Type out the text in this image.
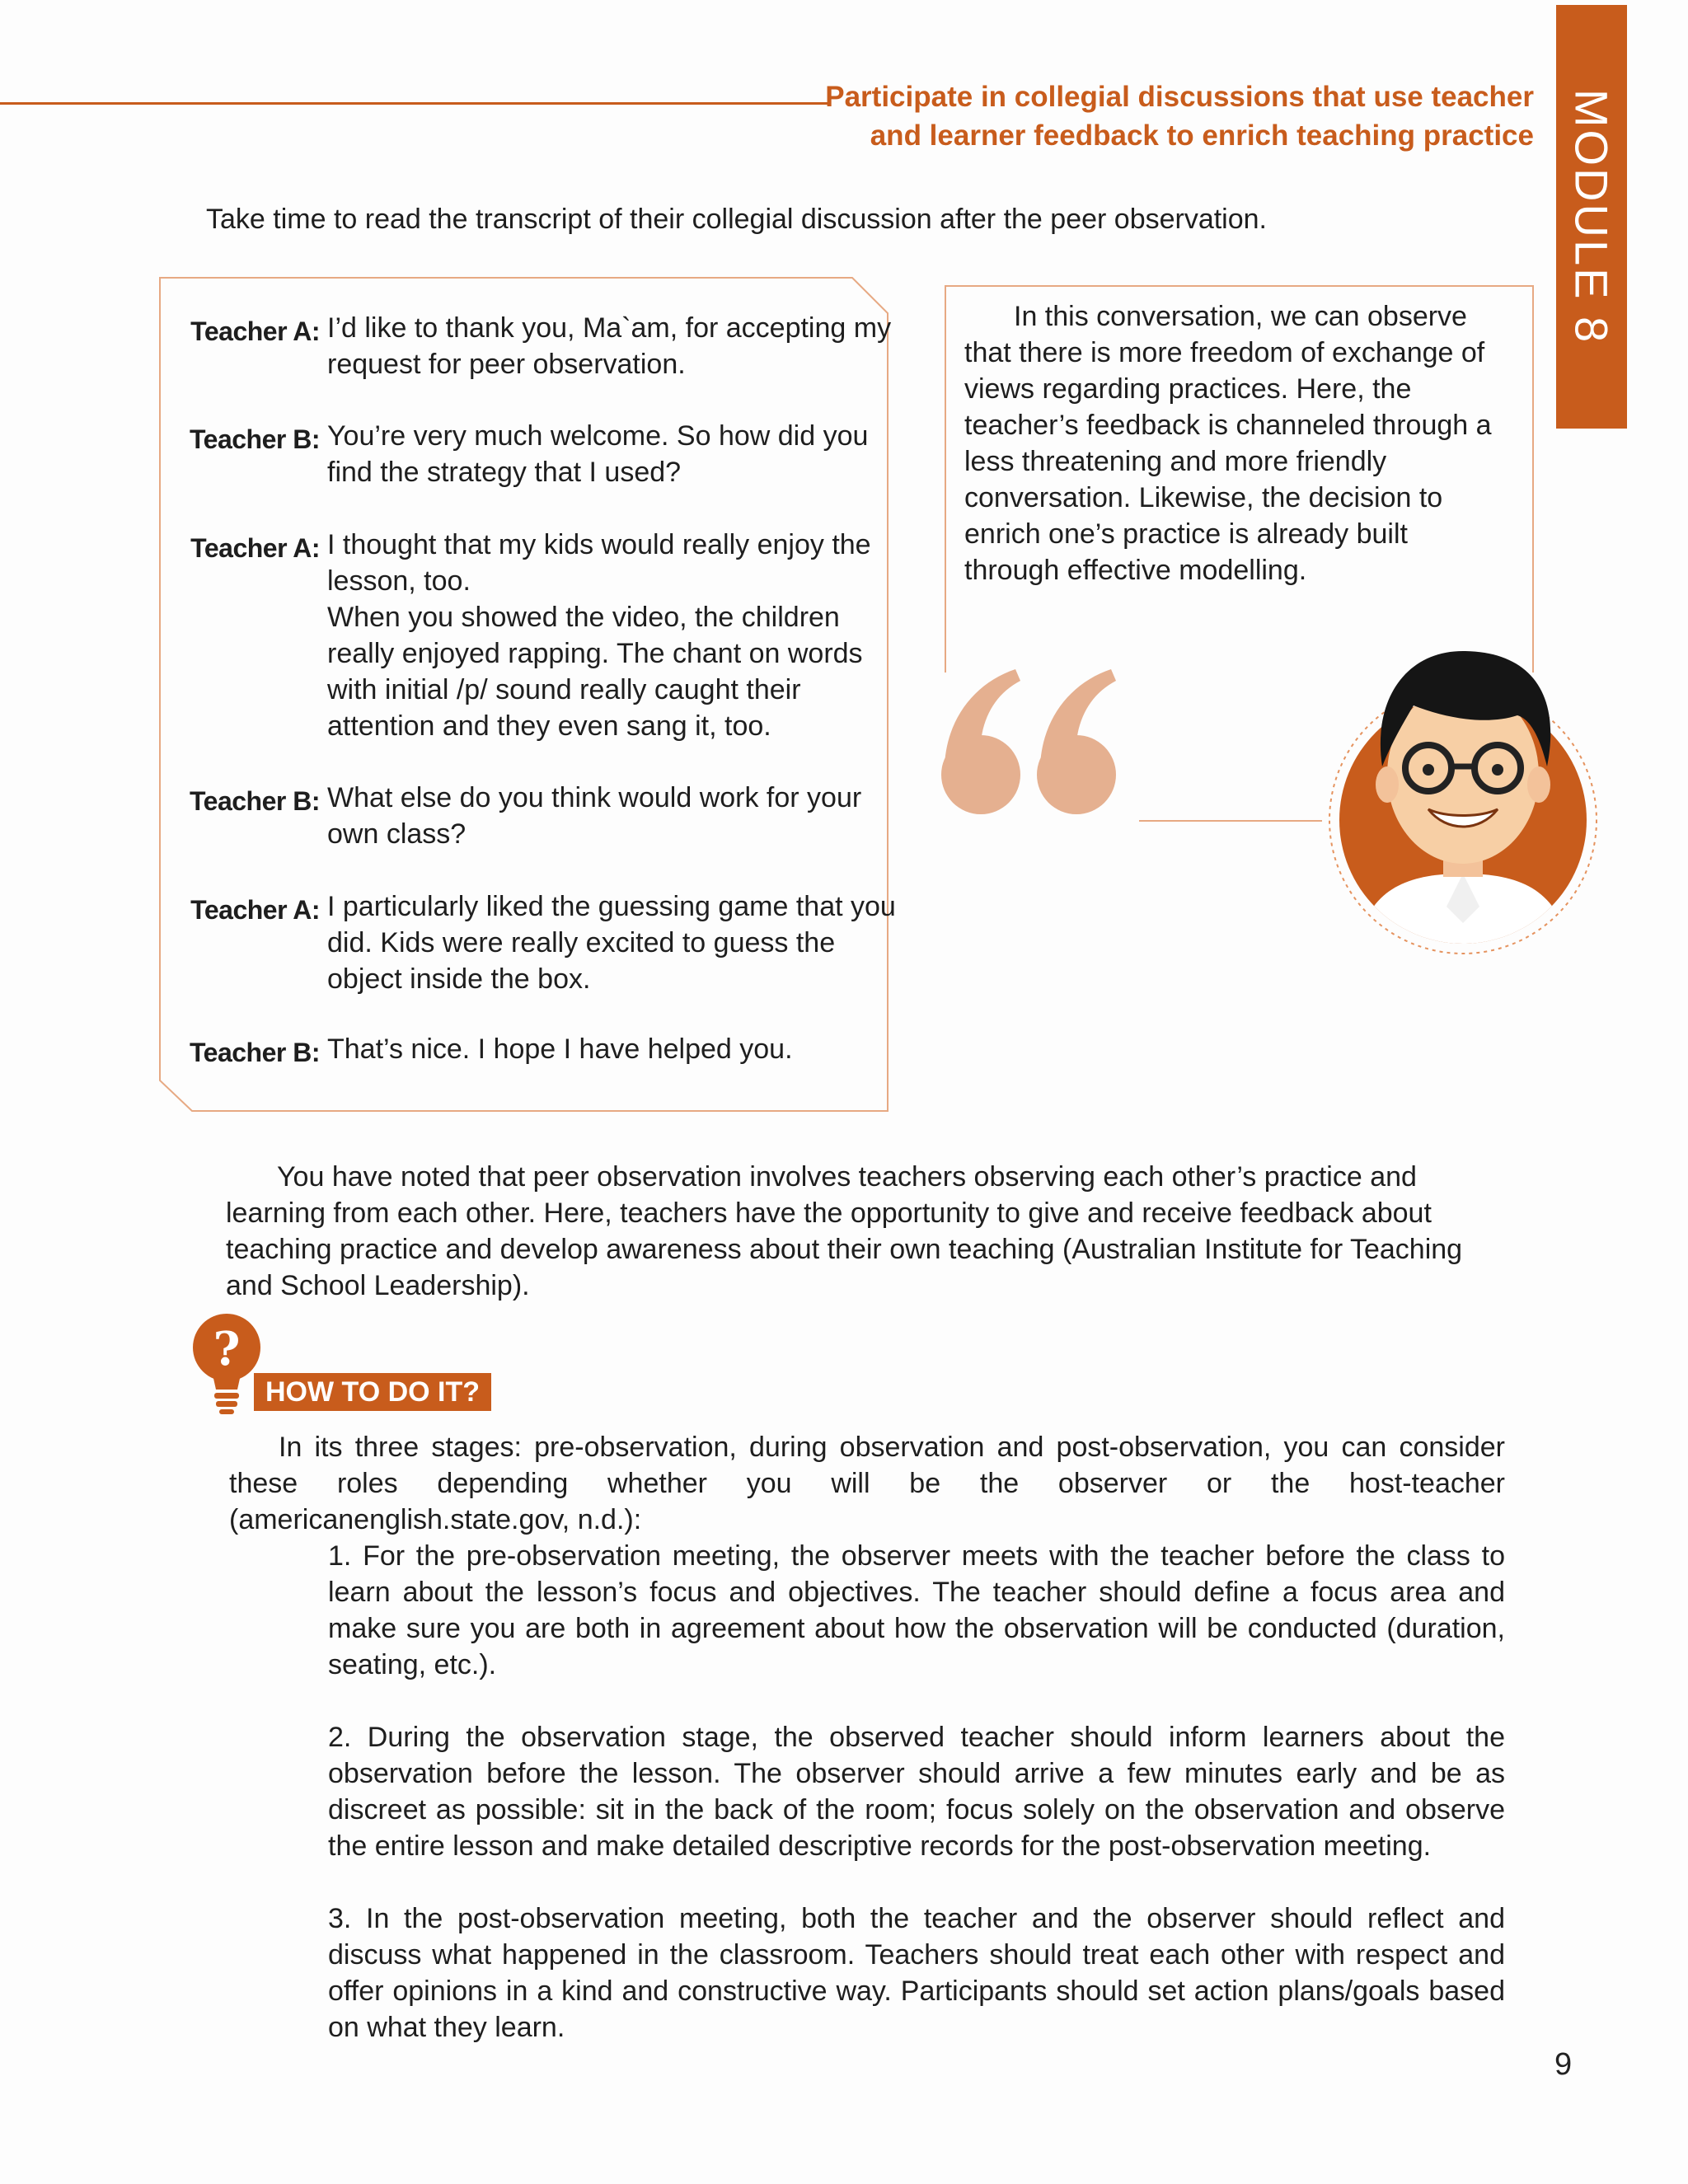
Participate in collegial discussions that use teacher
and learner feedback to enrich teaching practice MODULE 8
Take time to read the transcript of their collegial discussion after the peer observation.
Teacher A: I’d like to thank you, Ma`am, for accepting my request for peer observation.
Teacher B: You’re very much welcome. So how did you find the strategy that I used?
Teacher A: I thought that my kids would really enjoy the lesson, too.
When you showed the video, the children really enjoyed rapping. The chant on words with initial /p/ sound really caught their attention and they even sang it, too.
Teacher B: What else do you think would work for your own class?
Teacher A: I particularly liked the guessing game that you did. Kids were really excited to guess the object inside the box.
Teacher B: That’s nice. I hope I have helped you.
In this conversation, we can observe that there is more freedom of exchange of views regarding practices. Here, the teacher’s feedback is channeled through a less threatening and more friendly conversation. Likewise, the decision to enrich one’s practice is already built through effective modelling.
You have noted that peer observation involves teachers observing each other’s practice and learning from each other. Here, teachers have the opportunity to give and receive feedback about teaching practice and develop awareness about their own teaching (Australian Institute for Teaching and School Leadership).
?
HOW TO DO IT?
In its three stages: pre-observation, during observation and post-observation, you can consider these roles depending whether you will be the observer or the host-teacher (americanenglish.state.gov, n.d.):
1. For the pre-observation meeting, the observer meets with the teacher before the class to learn about the lesson’s focus and objectives. The teacher should define a focus area and make sure you are both in agreement about how the observation will be conducted (duration, seating, etc.).
2. During the observation stage, the observed teacher should inform learners about the observation before the lesson. The observer should arrive a few minutes early and be as discreet as possible: sit in the back of the room; focus solely on the observation and observe the entire lesson and make detailed descriptive records for the post-observation meeting.
3. In the post-observation meeting, both the teacher and the observer should reflect and discuss what happened in the classroom. Teachers should treat each other with respect and offer opinions in a kind and constructive way. Participants should set action plans/goals based on what they learn.
9
